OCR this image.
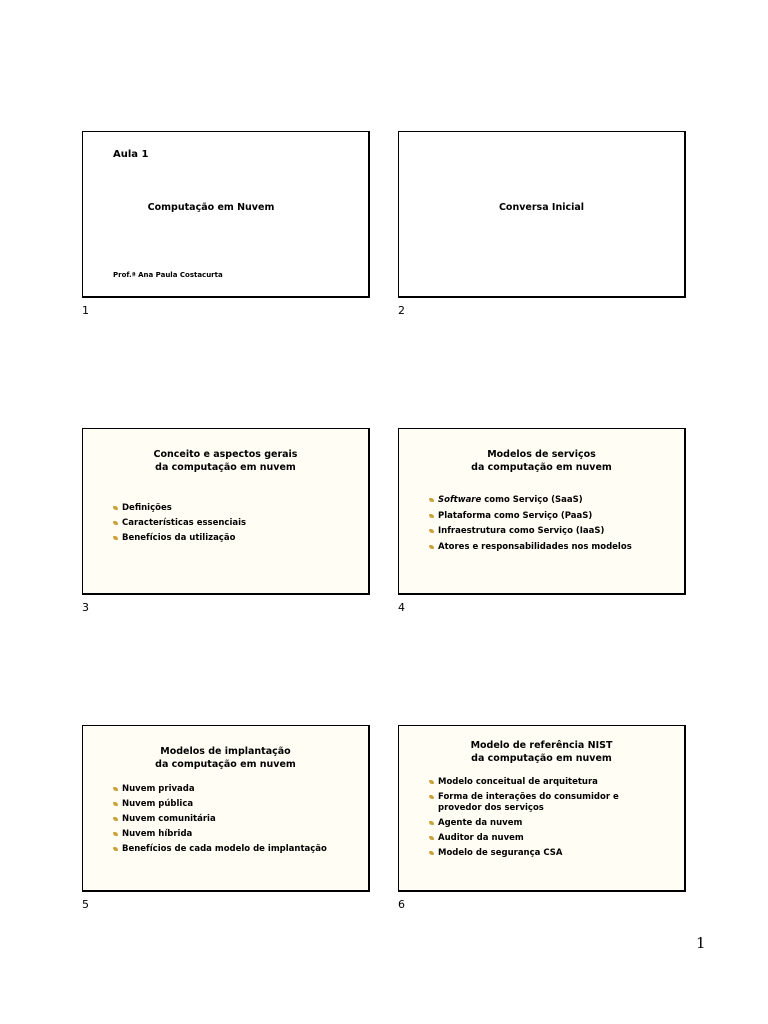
Aula 1
Computação em Nuvem
Prof.ª Ana Paula Costacurta
1
Conversa Inicial
2
Conceito e aspectos gerais
da computação em nuvem
Definições
Características essenciais
Benefícios da utilização
3
Modelos de serviços
da computação em nuvem
Software como Serviço (SaaS)
Plataforma como Serviço (PaaS)
Infraestrutura como Serviço (IaaS)
Atores e responsabilidades nos modelos
4
Modelos de implantação
da computação em nuvem
Nuvem privada
Nuvem pública
Nuvem comunitária
Nuvem híbrida
Benefícios de cada modelo de implantação
5
Modelo de referência NIST
da computação em nuvem
Modelo conceitual de arquitetura
Forma de interações do consumidor e provedor dos serviços
Agente da nuvem
Auditor da nuvem
Modelo de segurança CSA
6
1
